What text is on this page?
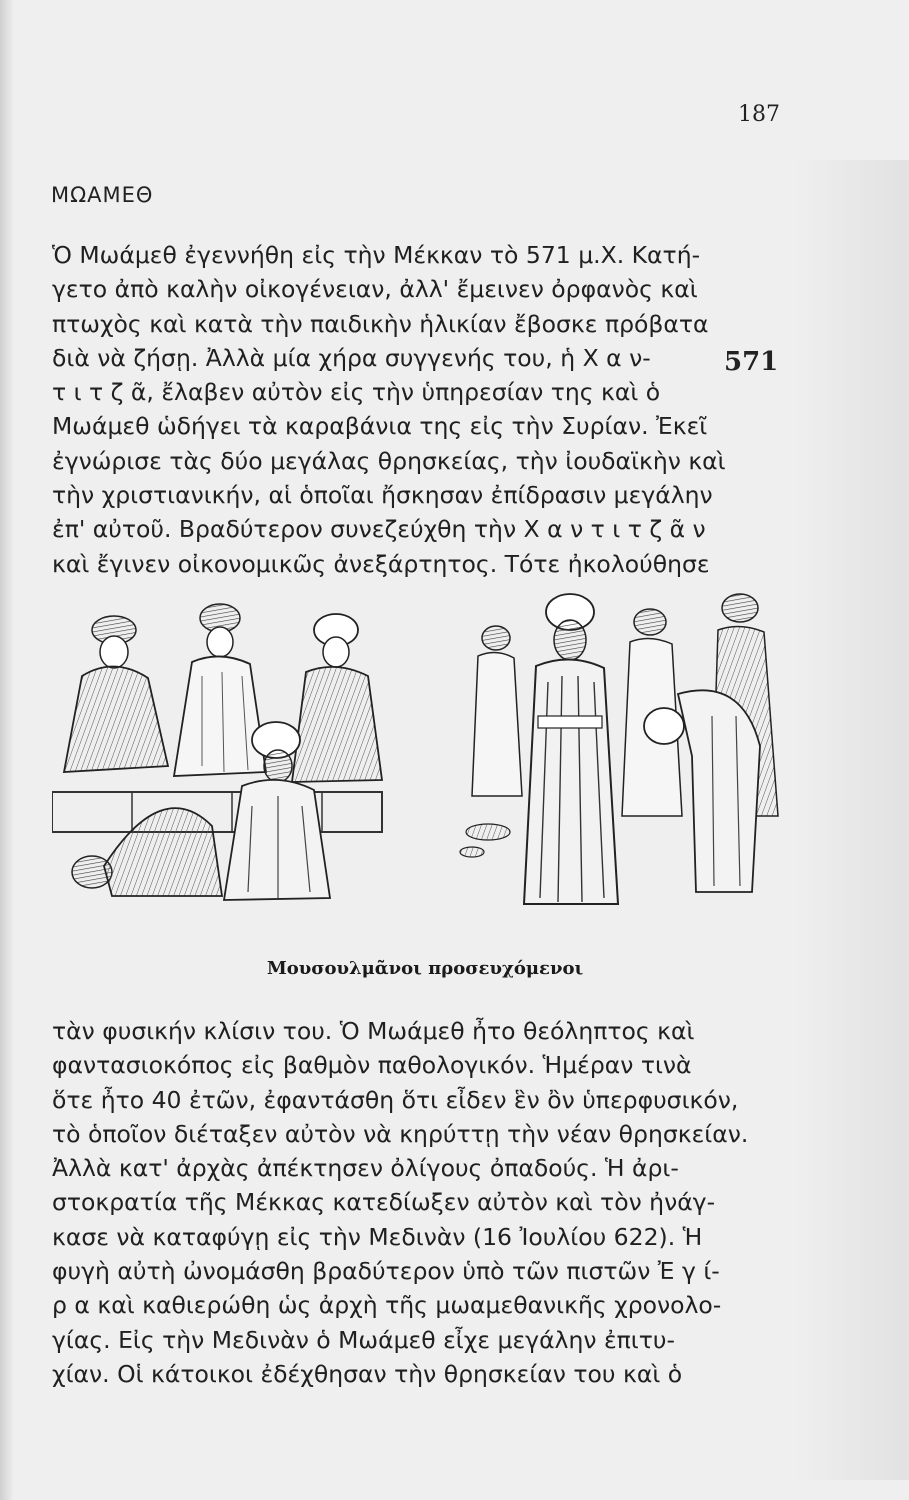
187
ΜΩΑΜΕΘ
571
Ὁ Μωάμεθ ἐγεννήθη εἰς τὴν Μέκκαν τὸ 571 μ.Χ. Κατή-
γετο ἀπὸ καλὴν οἰκογένειαν, ἀλλ' ἔμεινεν ὀρφανὸς καὶ
πτωχὸς καὶ κατὰ τὴν παιδικὴν ἡλικίαν ἔβοσκε πρόβατα
διὰ νὰ ζήσῃ. Ἀλλὰ μία χήρα συγγενής του, ἡ Χ α ν-
τ ι τ ζ ᾶ, ἔλαβεν αὐτὸν εἰς τὴν ὑπηρεσίαν της καὶ ὁ
Μωάμεθ ὡδήγει τὰ καραβάνια της εἰς τὴν Συρίαν. Ἐκεῖ
ἐγνώρισε τὰς δύο μεγάλας θρησκείας, τὴν ἰουδαϊκὴν καὶ
τὴν χριστιανικήν, αἱ ὁποῖαι ἤσκησαν ἐπίδρασιν μεγάλην
ἐπ' αὐτοῦ. Βραδύτερον συνεζεύχθη τὴν Χ α ν τ ι τ ζ ᾶ ν
καὶ ἔγινεν οἰκονομικῶς ἀνεξάρτητος. Τότε ἠκολούθησε
Μουσουλμᾶνοι προσευχόμενοι
τὰν φυσικήν κλίσιν του. Ὁ Μωάμεθ ἦτο θεόληπτος καὶ
φαντασιοκόπος εἰς βαθμὸν παθολογικόν. Ἡμέραν τινὰ
ὅτε ἦτο 40 ἐτῶν, ἐφαντάσθη ὅτι εἶδεν ἓν ὂν ὑπερφυσικόν,
τὸ ὁποῖον διέταξεν αὐτὸν νὰ κηρύττῃ τὴν νέαν θρησκείαν.
Ἀλλὰ κατ' ἀρχὰς ἀπέκτησεν ὀλίγους ὀπαδούς. Ἡ ἀρι-
στοκρατία τῆς Μέκκας κατεδίωξεν αὐτὸν καὶ τὸν ἠνάγ-
κασε νὰ καταφύγῃ εἰς τὴν Μεδινὰν (16 Ἰουλίου 622). Ἡ
φυγὴ αὐτὴ ὠνομάσθη βραδύτερον ὑπὸ τῶν πιστῶν Ἐ γ ί-
ρ α καὶ καθιερώθη ὡς ἀρχὴ τῆς μωαμεθανικῆς χρονολο-
γίας. Εἰς τὴν Μεδινὰν ὁ Μωάμεθ εἶχε μεγάλην ἐπιτυ-
χίαν. Οἱ κάτοικοι ἐδέχθησαν τὴν θρησκείαν του καὶ ὁ
